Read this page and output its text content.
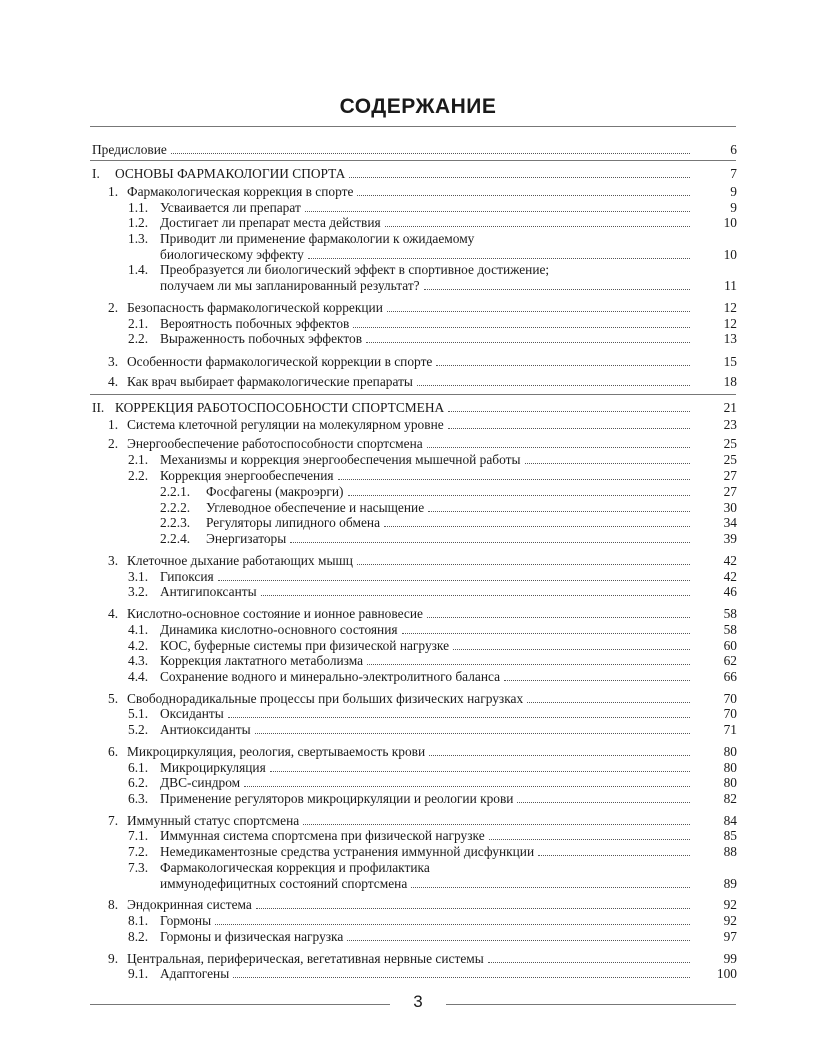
СОДЕРЖАНИЕ
Предисловие	6
I. ОСНОВЫ ФАРМАКОЛОГИИ СПОРТА	7
1. Фармакологическая коррекция в спорте	9
1.1. Усваивается ли препарат	9
1.2. Достигает ли препарат места действия	10
1.3. Приводит ли применение фармакологии к ожидаемому
биологическому эффекту	10
1.4. Преобразуется ли биологический эффект в спортивное достижение;
получаем ли мы запланированный результат?	11
2. Безопасность фармакологической коррекции	12
2.1. Вероятность побочных эффектов	12
2.2. Выраженность побочных эффектов	13
3. Особенности фармакологической коррекции в спорте	15
4. Как врач выбирает фармакологические препараты	18
II. КОРРЕКЦИЯ РАБОТОСПОСОБНОСТИ СПОРТСМЕНА	21
1. Система клеточной регуляции на молекулярном уровне	23
2. Энергообеспечение работоспособности спортсмена	25
2.1. Механизмы и коррекция энергообеспечения мышечной работы	25
2.2. Коррекция энергообеспечения	27
2.2.1. Фосфагены (макроэрги)	27
2.2.2. Углеводное обеспечение и насыщение	30
2.2.3. Регуляторы липидного обмена	34
2.2.4. Энергизаторы	39
3. Клеточное дыхание работающих мышц	42
3.1. Гипоксия	42
3.2. Антигипоксанты	46
4. Кислотно-основное состояние и ионное равновесие	58
4.1. Динамика кислотно-основного состояния	58
4.2. КОС, буферные системы при физической нагрузке	60
4.3. Коррекция лактатного метаболизма	62
4.4. Сохранение водного и минерально-электролитного баланса	66
5. Свободнорадикальные процессы при больших физических нагрузках	70
5.1. Оксиданты	70
5.2. Антиоксиданты	71
6. Микроциркуляция, реология, свертываемость крови	80
6.1. Микроциркуляция	80
6.2. ДВС-синдром	80
6.3. Применение регуляторов микроциркуляции и реологии крови	82
7. Иммунный статус спортсмена	84
7.1. Иммунная система спортсмена при физической нагрузке	85
7.2. Немедикаментозные средства устранения иммунной дисфункции	88
7.3. Фармакологическая коррекция и профилактика
иммунодефицитных состояний спортсмена	89
8. Эндокринная система	92
8.1. Гормоны	92
8.2. Гормоны и физическая нагрузка	97
9. Центральная, периферическая, вегетативная нервные системы	99
9.1. Адаптогены	100
3
